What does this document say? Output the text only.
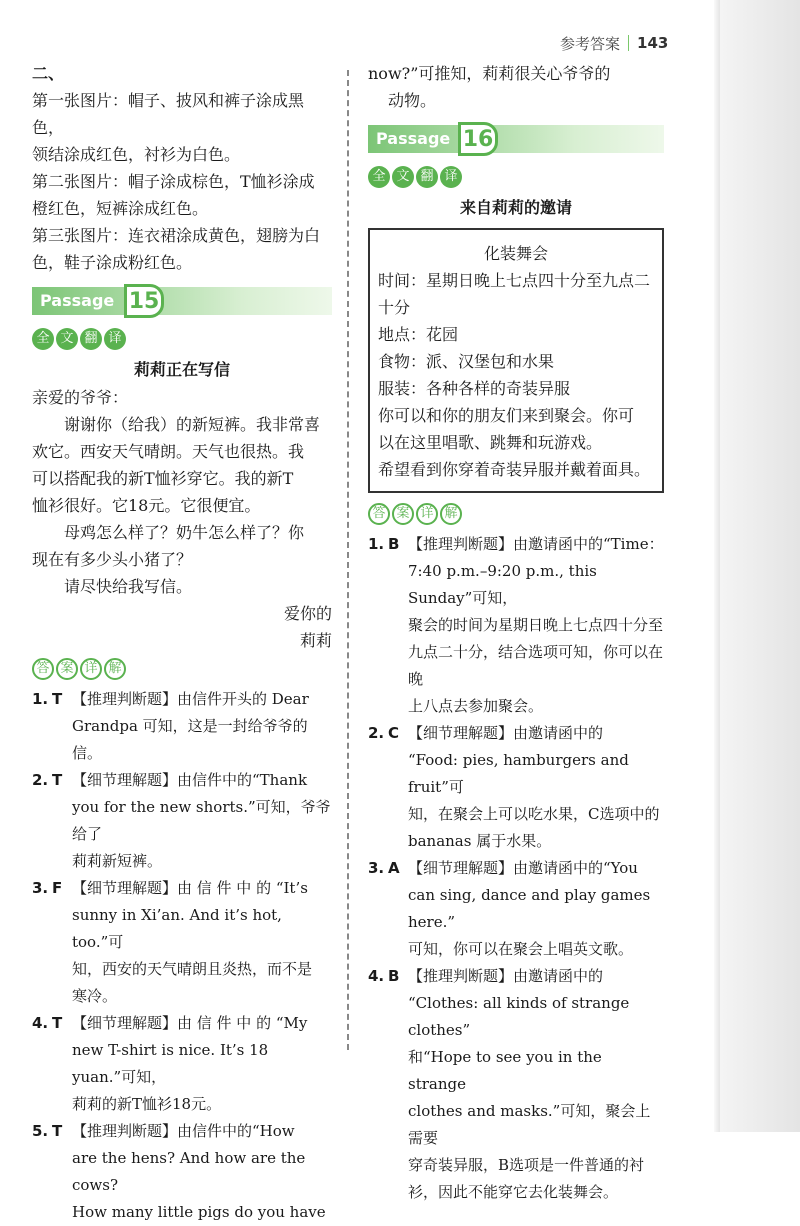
参考答案 143

二、

第一张图片：帽子、披风和裤子涂成黑色，

领结涂成红色，衬衫为白色。

第二张图片：帽子涂成棕色，T恤衫涂成

橙红色，短裤涂成红色。

第三张图片：连衣裙涂成黄色，翅膀为白

色，鞋子涂成粉红色。

Passage 15
全 文 翻 译
莉莉正在写信

亲爱的爷爷：

谢谢你（给我）的新短裤。我非常喜

欢它。西安天气晴朗。天气也很热。我

可以搭配我的新T恤衫穿它。我的新T

恤衫很好。它18元。它很便宜。

母鸡怎么样了？奶牛怎么样了？你

现在有多少头小猪了？

请尽快给我写信。

爱你的

莉莉

答 案 详 解
1. T 【推理判断题】由信件开头的 Dear
Grandpa 可知，这是一封给爷爷的信。
2. T 【细节理解题】由信件中的“Thank
you for the new shorts.”可知，爷爷给了
莉莉新短裤。
3. F 【细节理解题】由 信 件 中 的 “It’s
sunny in Xi’an. And it’s hot, too.”可
知，西安的天气晴朗且炎热，而不是
寒冷。
4. T 【细节理解题】由 信 件 中 的 “My
new T-shirt is nice. It’s 18 yuan.”可知，
莉莉的新T恤衫18元。
5. T 【推理判断题】由信件中的“How
are the hens? And how are the cows?
How many little pigs do you have

now?”可推知，莉莉很关心爷爷的

动物。

Passage 16
全 文 翻 译
来自莉莉的邀请

化装舞会

时间：星期日晚上七点四十分至九点二

十分

地点：花园

食物：派、汉堡包和水果

服装：各种各样的奇装异服

你可以和你的朋友们来到聚会。你可

以在这里唱歌、跳舞和玩游戏。

希望看到你穿着奇装异服并戴着面具。

答 案 详 解
1. B 【推理判断题】由邀请函中的“Time：
7:40 p.m.–9:20 p.m., this Sunday”可知，
聚会的时间为星期日晚上七点四十分至
九点二十分，结合选项可知，你可以在晚
上八点去参加聚会。
2. C 【细节理解题】由邀请函中的
“Food: pies, hamburgers and fruit”可
知，在聚会上可以吃水果，C选项中的
bananas 属于水果。
3. A 【细节理解题】由邀请函中的“You
can sing, dance and play games here.”
可知，你可以在聚会上唱英文歌。
4. B 【推理判断题】由邀请函中的
“Clothes: all kinds of strange clothes”
和“Hope to see you in the strange
clothes and masks.”可知，聚会上需要
穿奇装异服，B选项是一件普通的衬
衫，因此不能穿它去化装舞会。
